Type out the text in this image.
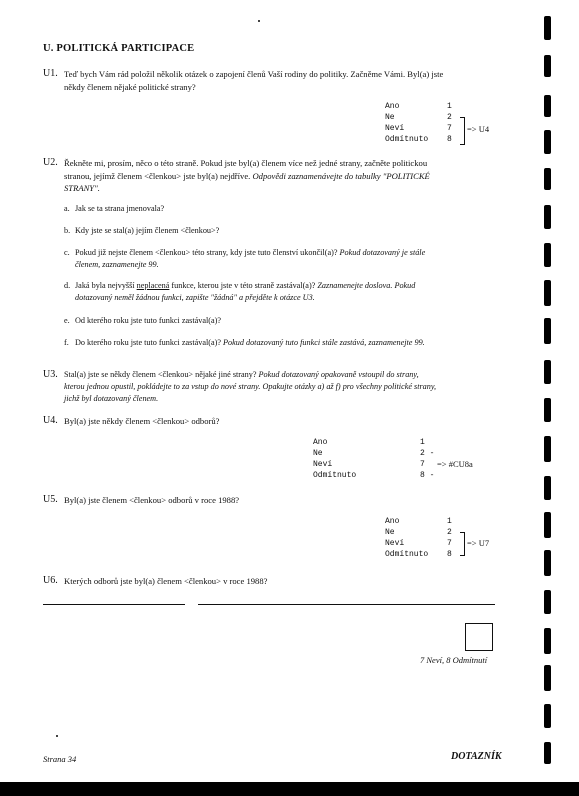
U. POLITICKÁ PARTICIPACE
U1. Teď bych Vám rád položil několik otázek o zapojení členů Vaší rodiny do politiky. Začněme Vámi. Byl(a) jste
někdy členem nějaké politické strany?
Ano
Ne
Neví
Odmítnuto
1
2
7
8
=> U4
U2. Řekněte mi, prosím, něco o této straně. Pokud jste byl(a) členem více než jedné strany, začněte politickou
stranou, jejímž členem <členkou> jste byl(a) nejdříve. Odpovědi zaznamenávejte do tabulky "POLITICKÉ
STRANY".
a. Jak se ta strana jmenovala?
b. Kdy jste se stal(a) jejím členem <členkou>?
c. Pokud již nejste členem <členkou> této strany, kdy jste tuto členství ukončil(a)? Pokud dotazovaný je stále
členem, zaznamenejte 99.
d. Jaká byla nejvyšší neplacená funkce, kterou jste v této straně zastával(a)? Zaznamenejte doslova. Pokud
dotazovaný neměl žádnou funkci, zapište "žádná" a přejděte k otázce U3.
e. Od kterého roku jste tuto funkci zastával(a)?
f. Do kterého roku jste tuto funkci zastával(a)? Pokud dotazovaný tuto funkci stále zastává, zaznamenejte 99.
U3. Stal(a) jste se někdy členem <členkou> nějaké jiné strany? Pokud dotazovaný opakovaně vstoupil do strany,
kterou jednou opustil, pokládejte to za vstup do nové strany. Opakujte otázky a) až f) pro všechny politické strany,
jichž byl dotazovaný členem.
U4. Byl(a) jste někdy členem <členkou> odborů?
Ano
Ne
Neví
Odmítnuto
1
2 -
7
8 -
=> #CU8a
U5. Byl(a) jste členem <členkou> odborů v roce 1988?
Ano
Ne
Neví
Odmítnuto
1
2
7
8
=> U7
U6. Kterých odborů jste byl(a) členem <členkou> v roce 1988?
7 Neví, 8 Odmítnutí
Strana 34	DOTAZNÍK
